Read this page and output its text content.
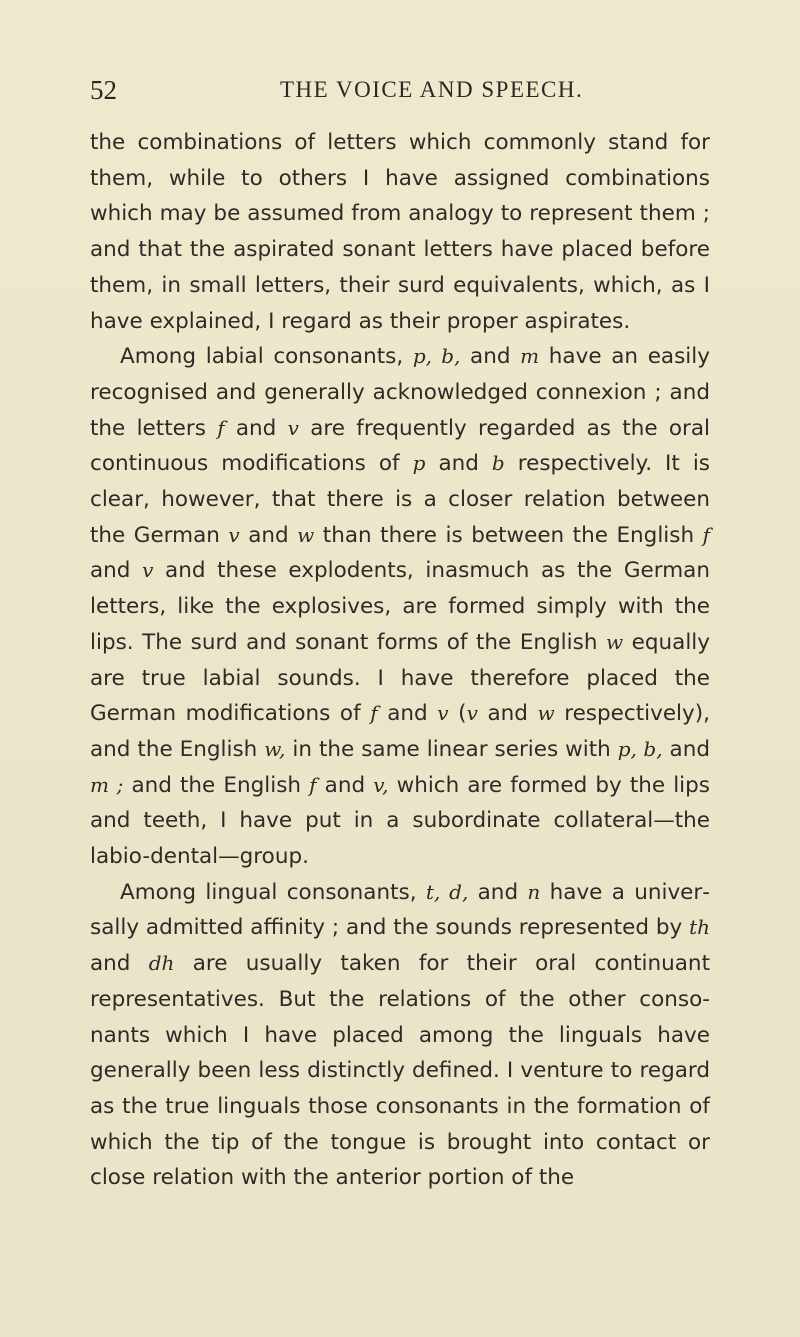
52	THE VOICE AND SPEECH.

the combinations of letters which commonly stand for them, while to others I have assigned combinations which may be assumed from analogy to represent them ; and that the aspirated sonant letters have placed before them, in small letters, their surd equivalents, which, as I have explained, I regard as their proper aspirates.

Among labial consonants, p, b, and m have an easily recognised and generally acknowledged connexion ; and the letters f and v are frequently regarded as the oral continuous modifications of p and b respectively. It is clear, however, that there is a closer relation between the German v and w than there is between the English f and v and these explodents, inasmuch as the German letters, like the explosives, are formed simply with the lips. The surd and sonant forms of the English w equally are true labial sounds. I have therefore placed the German modifications of f and v (v and w respectively), and the English w, in the same linear series with p, b, and m ; and the English f and v, which are formed by the lips and teeth, I have put in a subordinate collateral—the labio-dental—group.

Among lingual consonants, t, d, and n have a universally admitted affinity ; and the sounds represented by th and dh are usually taken for their oral continuant representatives. But the relations of the other consonants which I have placed among the linguals have generally been less distinctly defined. I venture to regard as the true linguals those consonants in the formation of which the tip of the tongue is brought into contact or close relation with the anterior portion of the
